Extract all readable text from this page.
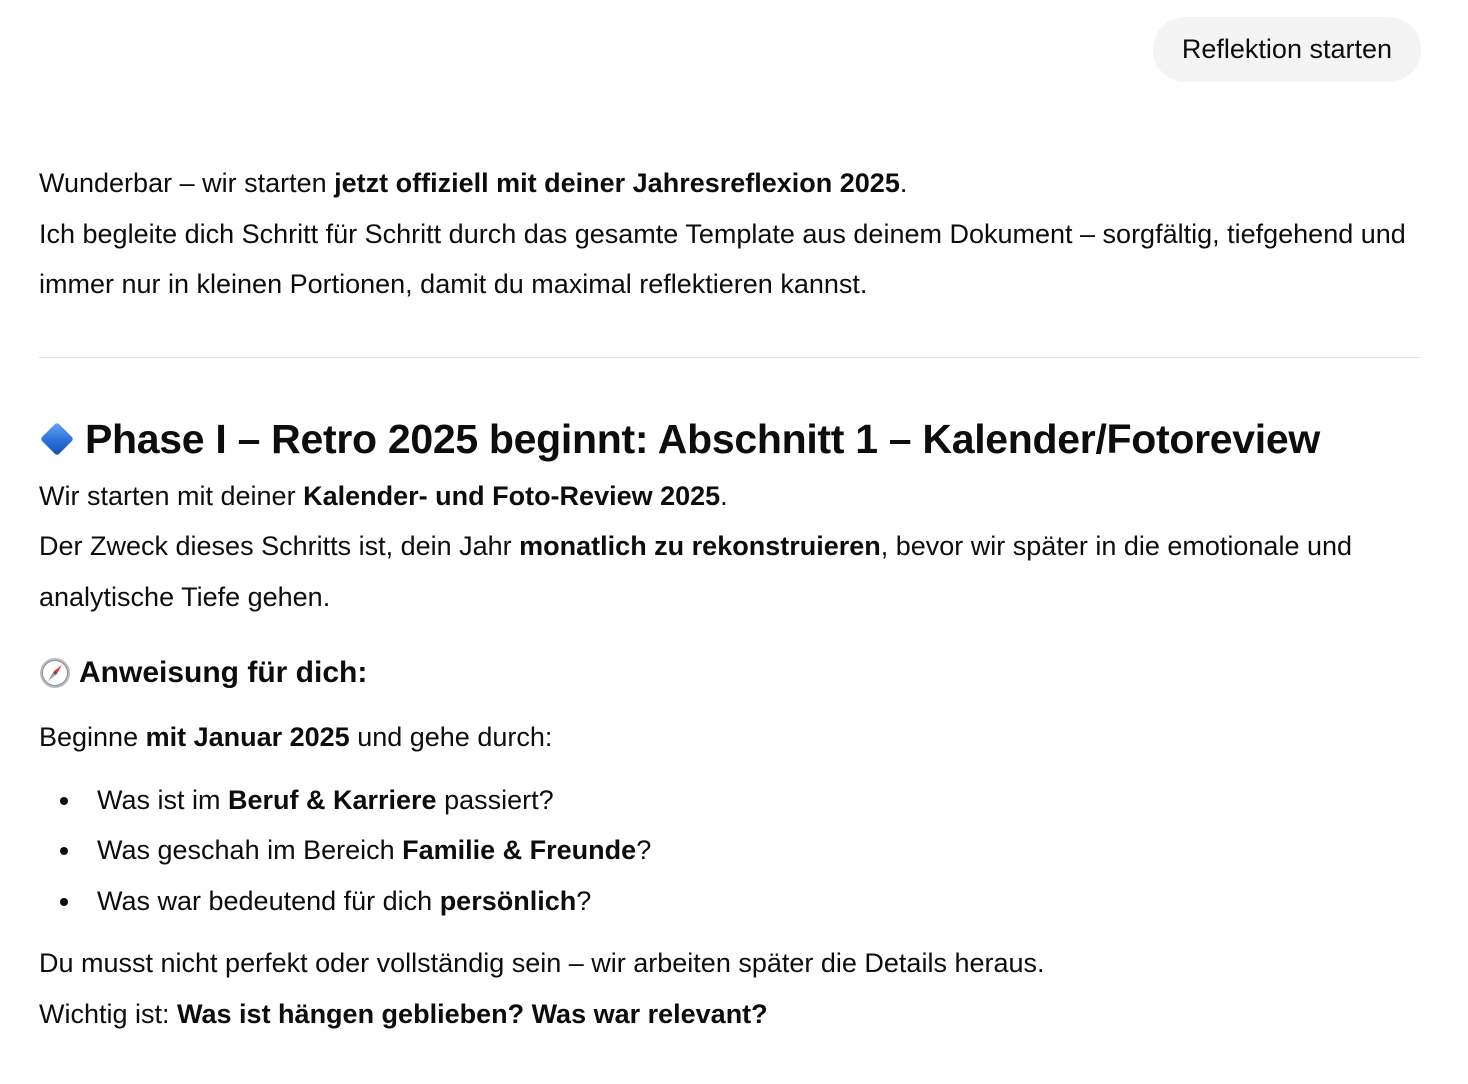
Reflektion starten

Wunderbar – wir starten jetzt offiziell mit deiner Jahresreflexion 2025.
Ich begleite dich Schritt für Schritt durch das gesamte Template aus deinem Dokument – sorgfältig, tiefgehend und immer nur in kleinen Portionen, damit du maximal reflektieren kannst.

Phase I – Retro 2025 beginnt: Abschnitt 1 – Kalender/Fotoreview

Wir starten mit deiner Kalender- und Foto-Review 2025.
Der Zweck dieses Schritts ist, dein Jahr monatlich zu rekonstruieren, bevor wir später in die emotionale und analytische Tiefe gehen.

Anweisung für dich:

Beginne mit Januar 2025 und gehe durch:

Was ist im Beruf & Karriere passiert?
Was geschah im Bereich Familie & Freunde?
Was war bedeutend für dich persönlich?

Du musst nicht perfekt oder vollständig sein – wir arbeiten später die Details heraus.
Wichtig ist: Was ist hängen geblieben? Was war relevant?
